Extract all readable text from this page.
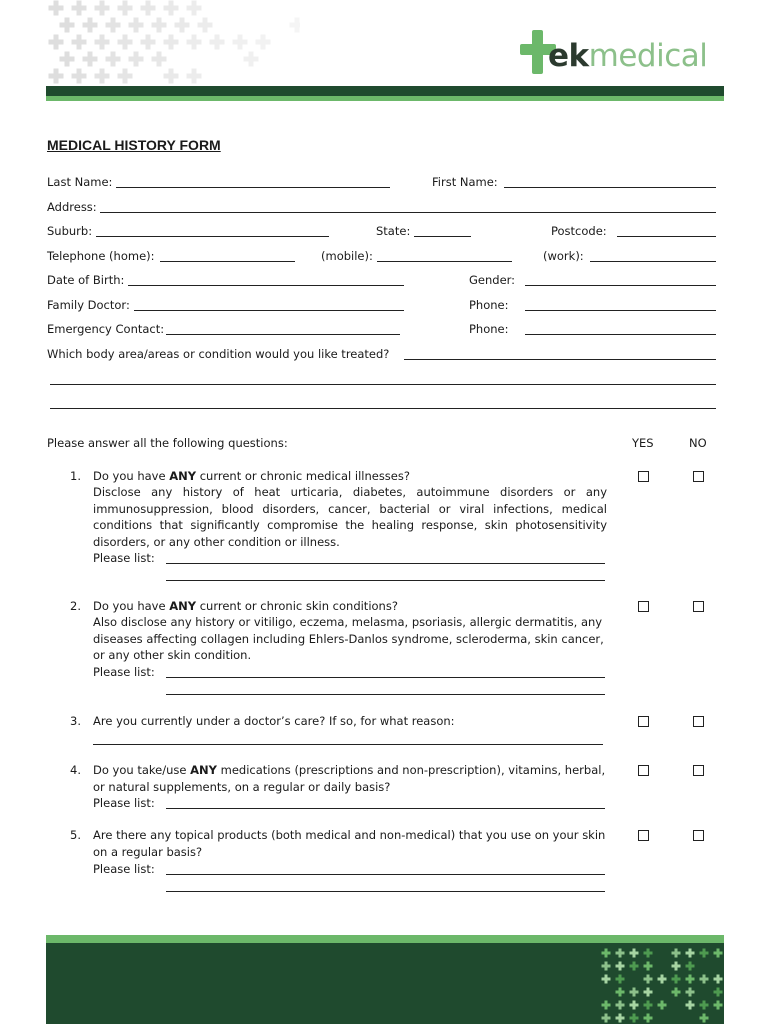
ekmedical
MEDICAL HISTORY FORM
Last Name:	First Name:
Address:
Suburb:	State:	Postcode:
Telephone (home):	(mobile):	(work):
Date of Birth:	Gender:
Family Doctor:	Phone:
Emergency Contact:	Phone:
Which body area/areas or condition would you like treated?
Please answer all the following questions:	YES	NO
1. Do you have ANY current or chronic medical illnesses?
Disclose any history of heat urticaria, diabetes, autoimmune disorders or any immunosuppression, blood disorders, cancer, bacterial or viral infections, medical conditions that significantly compromise the healing response, skin photosensitivity disorders, or any other condition or illness.
Please list:
2. Do you have ANY current or chronic skin conditions?
Also disclose any history or vitiligo, eczema, melasma, psoriasis, allergic dermatitis, any diseases affecting collagen including Ehlers-Danlos syndrome, scleroderma, skin cancer, or any other skin condition.
Please list:
3. Are you currently under a doctor’s care? If so, for what reason:
4. Do you take/use ANY medications (prescriptions and non-prescription), vitamins, herbal, or natural supplements, on a regular or daily basis?
Please list:
5. Are there any topical products (both medical and non-medical) that you use on your skin on a regular basis?
Please list:
